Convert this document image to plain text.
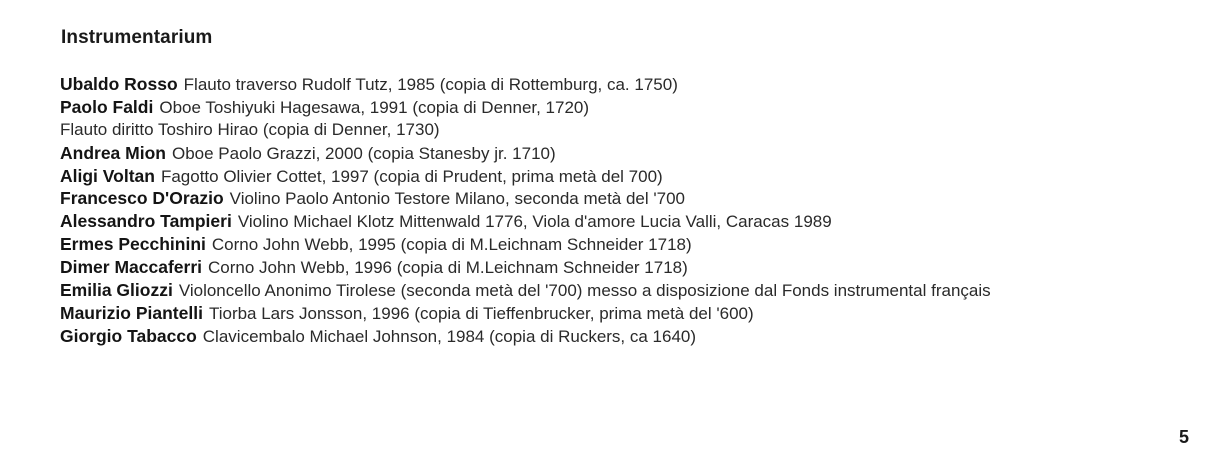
Instrumentarium
Ubaldo Rosso Flauto traverso Rudolf Tutz, 1985 (copia di Rottemburg, ca. 1750)
Paolo Faldi Oboe Toshiyuki Hagesawa, 1991 (copia di Denner, 1720)
Flauto diritto Toshiro Hirao (copia di Denner, 1730)
Andrea Mion Oboe Paolo Grazzi, 2000 (copia Stanesby jr. 1710)
Aligi Voltan Fagotto Olivier Cottet, 1997 (copia di Prudent, prima metà del 700)
Francesco D'Orazio Violino Paolo Antonio Testore Milano, seconda metà del '700
Alessandro Tampieri Violino Michael Klotz Mittenwald 1776, Viola d'amore Lucia Valli, Caracas 1989
Ermes Pecchinini Corno John Webb, 1995 (copia di M.Leichnam Schneider 1718)
Dimer Maccaferri Corno John Webb, 1996 (copia di M.Leichnam Schneider 1718)
Emilia Gliozzi Violoncello Anonimo Tirolese (seconda metà del '700) messo a disposizione dal Fonds instrumental français
Maurizio Piantelli Tiorba Lars Jonsson, 1996 (copia di Tieffenbrucker, prima metà del '600)
Giorgio Tabacco Clavicembalo Michael Johnson, 1984 (copia di Ruckers, ca 1640)
5
